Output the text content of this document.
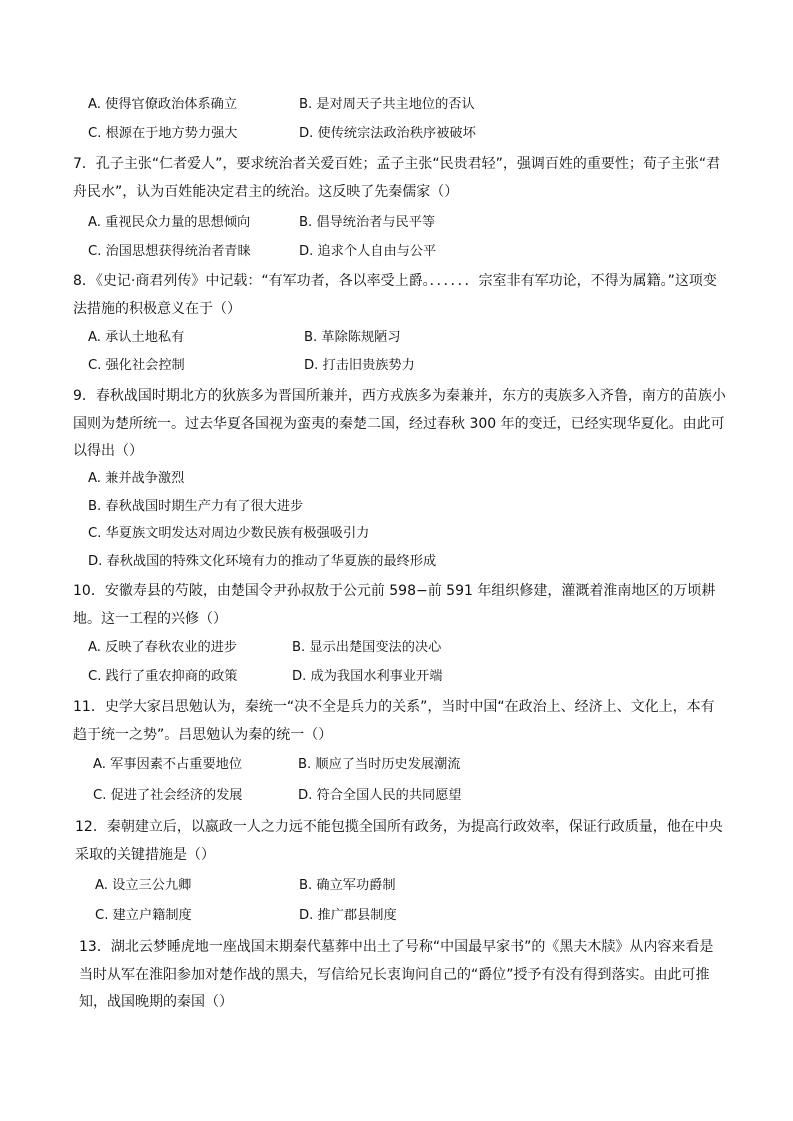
A. 使得官僚政治体系确立	B. 是对周天子共主地位的否认
C. 根源在于地方势力强大	D. 使传统宗法政治秩序被破坏

7．孔子主张“仁者爱人”，要求统治者关爱百姓；孟子主张“民贵君轻”，强调百姓的重要性；荀子主张“君舟民水”，认为百姓能决定君主的统治。这反映了先秦儒家（）

A. 重视民众力量的思想倾向	B. 倡导统治者与民平等
C. 治国思想获得统治者青睐	D. 追求个人自由与公平

8．《史记·商君列传》中记载：“有军功者，各以率受上爵。．．．．．．宗室非有军功论，不得为属籍。”这项变法措施的积极意义在于（）

A. 承认土地私有	B. 革除陈规陋习
C. 强化社会控制	D. 打击旧贵族势力

9．春秋战国时期北方的狄族多为晋国所兼并，西方戎族多为秦兼并，东方的夷族多入齐鲁，南方的苗族小国则为楚所统一。过去华夏各国视为蛮夷的秦楚二国，经过春秋 300 年的变迁，已经实现华夏化。由此可以得出（）

A. 兼并战争激烈
B. 春秋战国时期生产力有了很大进步
C. 华夏族文明发达对周边少数民族有极强吸引力
D. 春秋战国的特殊文化环境有力的推动了华夏族的最终形成

10．安徽寿县的芍陂，由楚国令尹孙叔敖于公元前 598−前 591 年组织修建，灌溉着淮南地区的万顷耕地。这一工程的兴修（）

A. 反映了春秋农业的进步	B. 显示出楚国变法的决心
C. 践行了重农抑商的政策	D. 成为我国水利事业开端

11．史学大家吕思勉认为，秦统一“决不全是兵力的关系”，当时中国“在政治上、经济上、文化上，本有趋于统一之势”。吕思勉认为秦的统一（）

A. 军事因素不占重要地位	B. 顺应了当时历史发展潮流
C. 促进了社会经济的发展	D. 符合全国人民的共同愿望

12．秦朝建立后，以嬴政一人之力远不能包揽全国所有政务，为提高行政效率，保证行政质量，他在中央采取的关键措施是（）

A. 设立三公九卿	B. 确立军功爵制
C. 建立户籍制度	D. 推广郡县制度

13．湖北云梦睡虎地一座战国末期秦代墓葬中出土了号称“中国最早家书”的《黑夫木牍》从内容来看是当时从军在淮阳参加对楚作战的黑夫，写信给兄长衷询问自己的“爵位”授予有没有得到落实。由此可推知，战国晚期的秦国（）
